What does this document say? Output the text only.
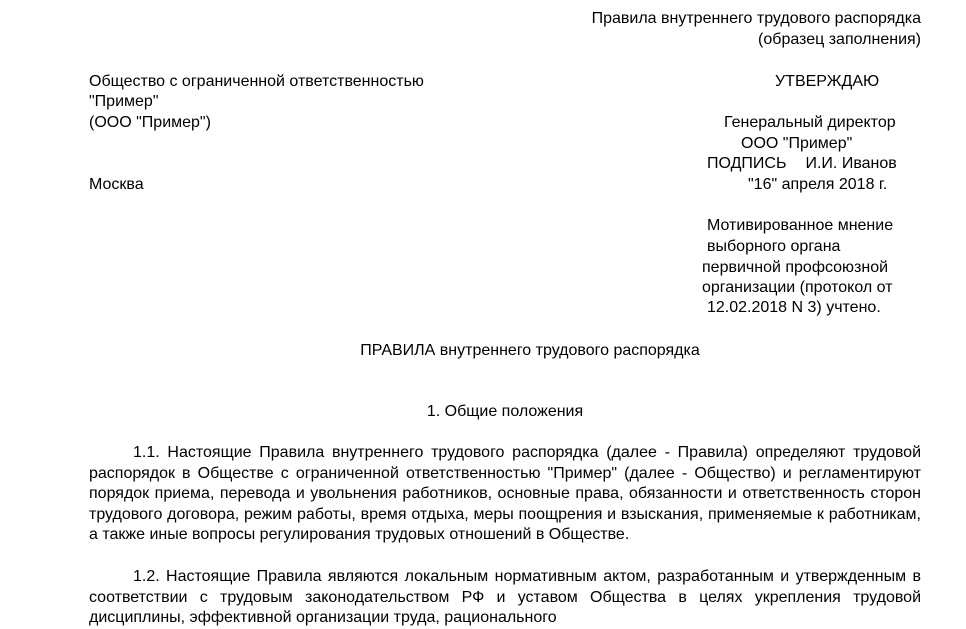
Правила внутреннего трудового распорядка
(образец заполнения)
Общество с ограниченной ответственностью
"Пример"
(ООО "Пример")
Москва
УТВЕРЖДАЮ
Генеральный директор
ООО "Пример"
ПОДПИСЬ И.И. Иванов
"16" апреля 2018 г.
Мотивированное мнение
выборного органа
первичной профсоюзной
организации (протокол от
12.02.2018 N 3) учтено.
ПРАВИЛА внутреннего трудового распорядка
1. Общие положения

1.1. Настоящие Правила внутреннего трудового распорядка (далее - Правила) определяют трудовой распорядок в Обществе с ограниченной ответственностью "Пример" (далее - Общество) и регламентируют порядок приема, перевода и увольнения работников, основные права, обязанности и ответственность сторон трудового договора, режим работы, время отдыха, меры поощрения и взыскания, применяемые к работникам, а также иные вопросы регулирования трудовых отношений в Обществе.

1.2. Настоящие Правила являются локальным нормативным актом, разработанным и утвержденным в соответствии с трудовым законодательством РФ и уставом Общества в целях укрепления трудовой дисциплины, эффективной организации труда, рационального
